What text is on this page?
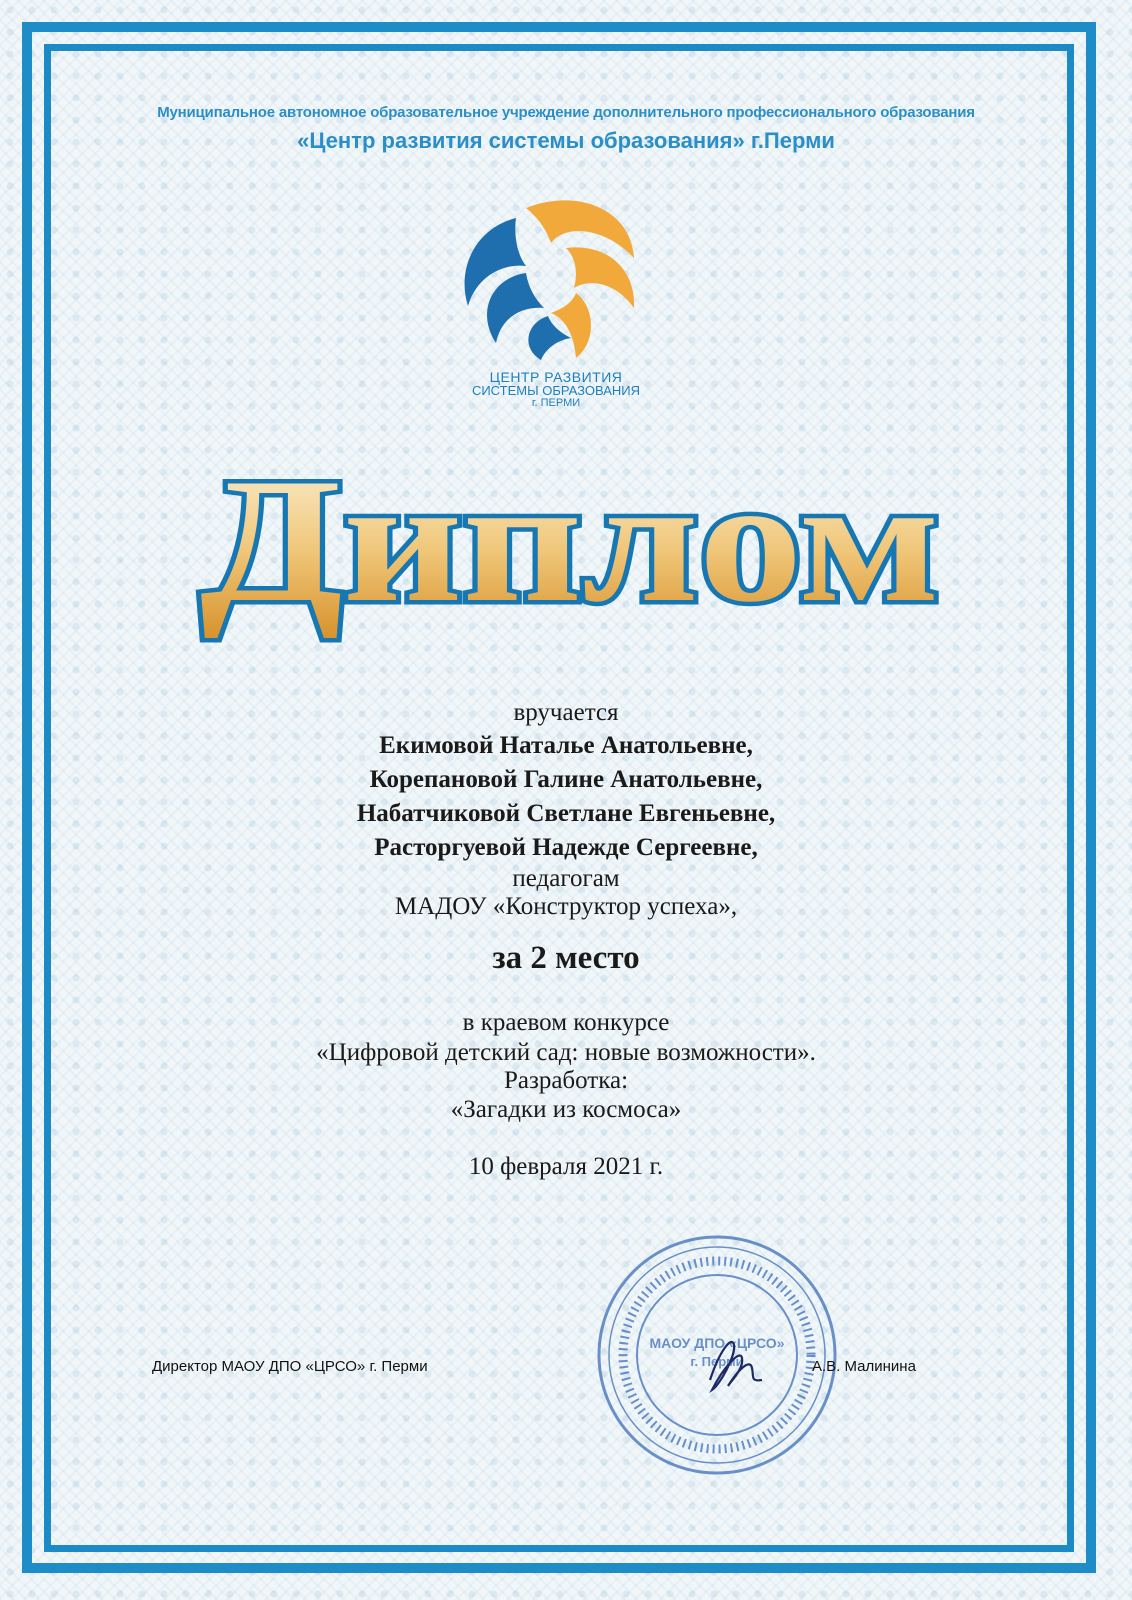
Муниципальное автономное образовательное учреждение дополнительного профессионального образования
«Центр развития системы образования» г.Перми
ЦЕНТР РАЗВИТИЯ
СИСТЕМЫ ОБРАЗОВАНИЯ
г. ПЕРМИ
Диплом
вручается
Екимовой Наталье Анатольевне,
Корепановой Галине Анатольевне,
Набатчиковой Светлане Евгеньевне,
Расторгуевой Надежде Сергеевне,
педагогам
МАДОУ «Конструктор успеха»,
за 2 место
в краевом конкурсе
«Цифровой детский сад: новые возможности».
Разработка:
«Загадки из космоса»
10 февраля 2021 г.
Директор МАОУ ДПО «ЦРСО» г. Перми
МАОУ ДПО «ЦРСО»
г. Перми	А.В. Малинина
